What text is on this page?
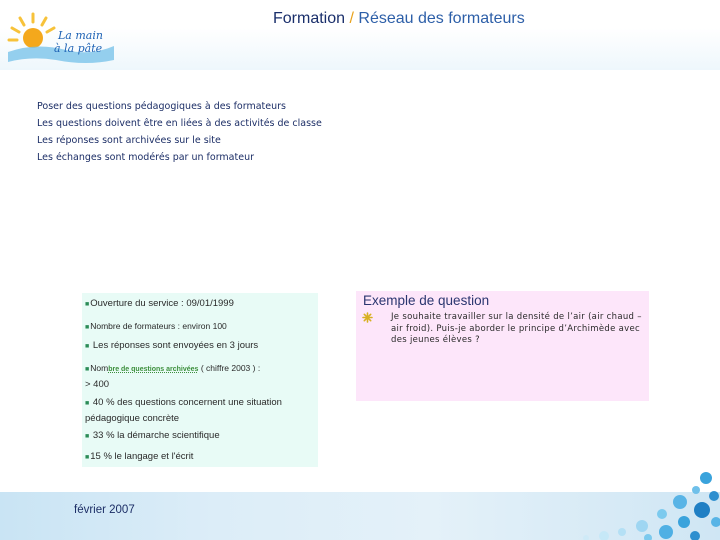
La main
à la pâte
Formation / Réseau des formateurs
Poser des questions pédagogiques à des formateurs
Les questions doivent être en liées à des activités de classe
Les réponses sont archivées sur le site
Les échanges sont modérés par un formateur
■Ouverture du service : 09/01/1999
■Nombre de formateurs : environ 100
■ Les réponses sont envoyées en 3 jours
■Nombre de questions archivées ( chiffre 2003 ) :
> 400
■ 40 % des questions concernent une situation
pédagogique concrète
■ 33 % la démarche scientifique
■15 % le langage et l'écrit
Exemple de question
Je souhaite travailler sur la densité de l’air (air chaud – air froid). Puis-je aborder le principe d’Archimède avec des jeunes élèves ?
février 2007
